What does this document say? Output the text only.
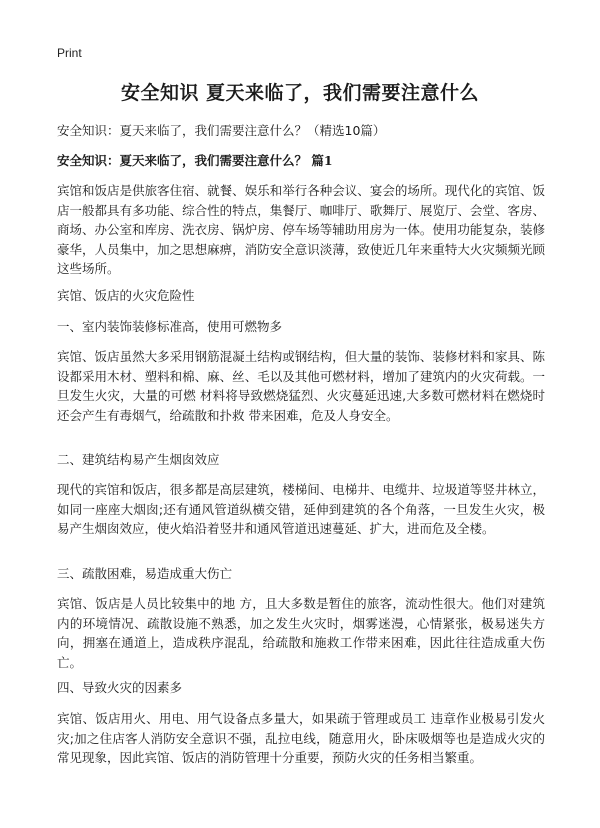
Print
安全知识 夏天来临了，我们需要注意什么

安全知识：夏天来临了，我们需要注意什么？（精选10篇）

安全知识：夏天来临了，我们需要注意什么？ 篇1

宾馆和饭店是供旅客住宿、就餐、娱乐和举行各种会议、宴会的场所。现代化的宾馆、饭店一般都具有多功能、综合性的特点，集餐厅、咖啡厅、歌舞厅、展览厅、会堂、客房、商场、办公室和库房、洗衣房、锅炉房、停车场等辅助用房为一体。使用功能复杂，装修豪华，人员集中，加之思想麻痹，消防安全意识淡薄，致使近几年来重特大火灾频频光顾这些场所。

宾馆、饭店的火灾危险性

一、室内装饰装修标准高，使用可燃物多

宾馆、饭店虽然大多采用钢筋混凝土结构或钢结构，但大量的装饰、装修材料和家具、陈设都采用木材、塑料和棉、麻、丝、毛以及其他可燃材料，增加了建筑内的火灾荷载。一旦发生火灾，大量的可燃 材料将导致燃烧猛烈、火灾蔓延迅速,大多数可燃材料在燃烧时还会产生有毒烟气，给疏散和扑救 带来困难，危及人身安全。

二、建筑结构易产生烟囱效应

现代的宾馆和饭店，很多都是高层建筑，楼梯间、电梯井、电缆井、垃圾道等竖井林立，如同一座座大烟囱;还有通风管道纵横交错，延伸到建筑的各个角落，一旦发生火灾，极易产生烟囱效应，使火焰沿着竖井和通风管道迅速蔓延、扩大，进而危及全楼。

三、疏散困难，易造成重大伤亡

宾馆、饭店是人员比较集中的地 方，且大多数是暂住的旅客，流动性很大。他们对建筑内的环境情况、疏散设施不熟悉，加之发生火灾时，烟雾迷漫，心情紧张，极易迷失方向，拥塞在通道上，造成秩序混乱，给疏散和施救工作带来困难，因此往往造成重大伤亡。

四、导致火灾的因素多

宾馆、饭店用火、用电、用气设备点多量大，如果疏于管理或员工 违章作业极易引发火灾;加之住店客人消防安全意识不强，乱拉电线，随意用火，卧床吸烟等也是造成火灾的常见现象，因此宾馆、饭店的消防管理十分重要，预防火灾的任务相当繁重。
